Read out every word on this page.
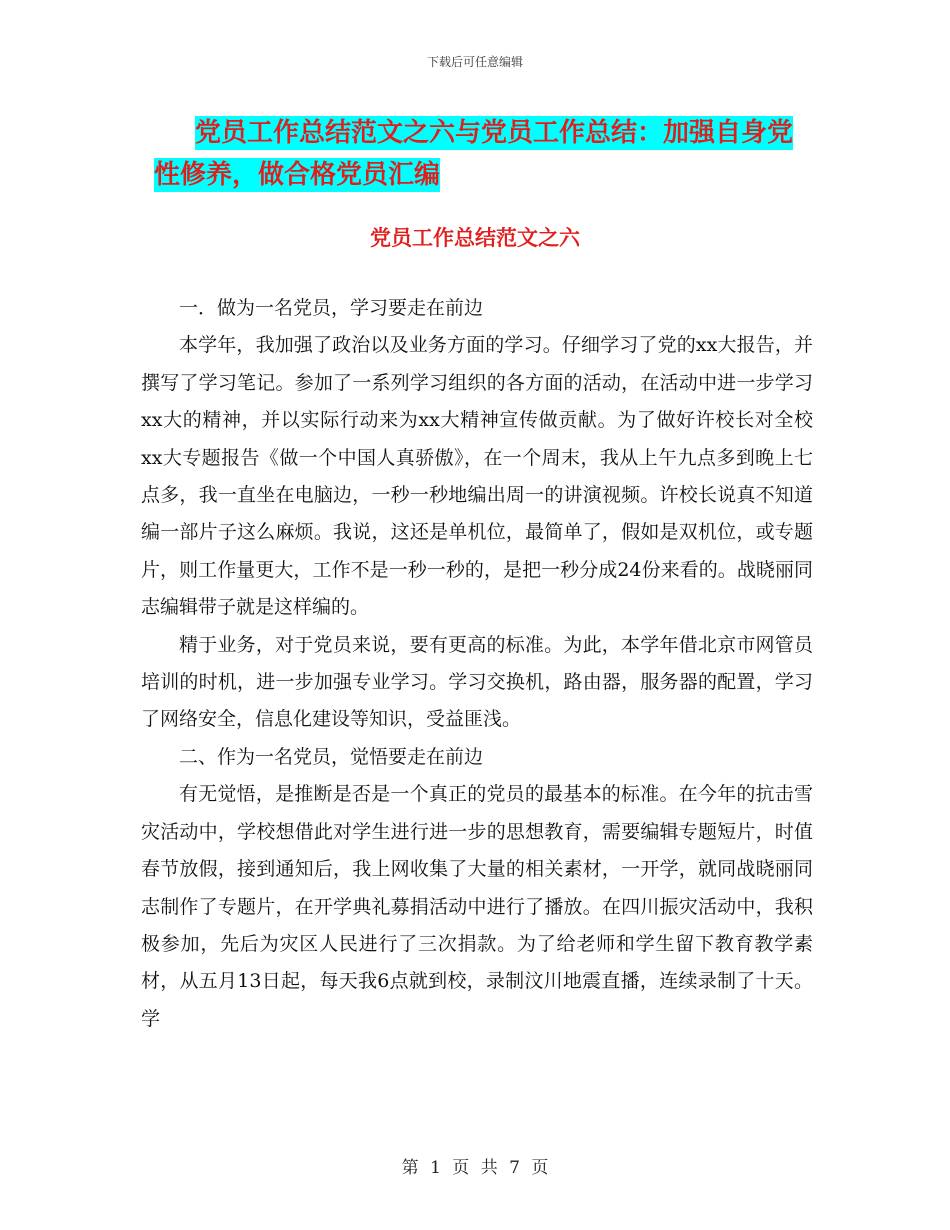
下载后可任意编辑
党员工作总结范文之六与党员工作总结：加强自身党
性修养，做合格党员汇编
党员工作总结范文之六

一．做为一名党员，学习要走在前边

本学年，我加强了政治以及业务方面的学习。仔细学习了党的xx大报告，并撰写了学习笔记。参加了一系列学习组织的各方面的活动，在活动中进一步学习xx大的精神，并以实际行动来为xx大精神宣传做贡献。为了做好许校长对全校xx大专题报告《做一个中国人真骄傲》，在一个周末，我从上午九点多到晚上七点多，我一直坐在电脑边，一秒一秒地编出周一的讲演视频。许校长说真不知道编一部片子这么麻烦。我说，这还是单机位，最简单了，假如是双机位，或专题片，则工作量更大，工作不是一秒一秒的，是把一秒分成24份来看的。战晓丽同志编辑带子就是这样编的。

精于业务，对于党员来说，要有更高的标准。为此，本学年借北京市网管员培训的时机，进一步加强专业学习。学习交换机，路由器，服务器的配置，学习了网络安全，信息化建设等知识，受益匪浅。

二、作为一名党员，觉悟要走在前边

有无觉悟，是推断是否是一个真正的党员的最基本的标准。在今年的抗击雪灾活动中，学校想借此对学生进行进一步的思想教育，需要编辑专题短片，时值春节放假，接到通知后，我上网收集了大量的相关素材，一开学，就同战晓丽同志制作了专题片，在开学典礼募捐活动中进行了播放。在四川振灾活动中，我积极参加，先后为灾区人民进行了三次捐款。为了给老师和学生留下教育教学素材，从五月13日起，每天我6点就到校，录制汶川地震直播，连续录制了十天。学

第 1 页 共 7 页
